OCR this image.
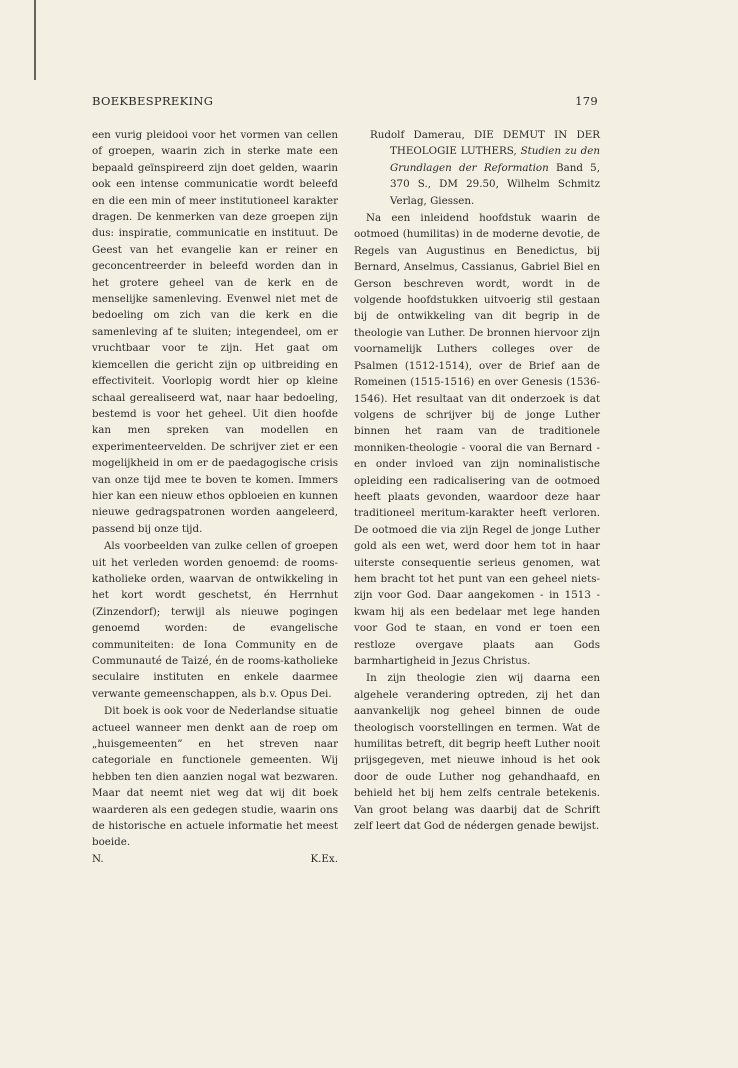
BOEKBESPREKING	179

een vurig pleidooi voor het vormen van cellen of groepen, waarin zich in sterke mate een bepaald geïnspireerd zijn doet gelden, waarin ook een intense communicatie wordt beleefd en die een min of meer institutioneel karakter dragen. De kenmerken van deze groepen zijn dus: inspiratie, communicatie en instituut. De Geest van het evangelie kan er reiner en geconcentreerder in beleefd worden dan in het grotere geheel van de kerk en de menselijke samenleving. Evenwel niet met de bedoeling om zich van die kerk en die samenleving af te sluiten; integendeel, om er vruchtbaar voor te zijn. Het gaat om kiemcellen die gericht zijn op uitbreiding en effectiviteit. Voorlopig wordt hier op kleine schaal gerealiseerd wat, naar haar bedoeling, bestemd is voor het geheel. Uit dien hoofde kan men spreken van modellen en experimenteervelden. De schrijver ziet er een mogelijkheid in om er de paedagogische crisis van onze tijd mee te boven te komen. Immers hier kan een nieuw ethos opbloeien en kunnen nieuwe gedragspatronen worden aangeleerd, passend bij onze tijd.

Als voorbeelden van zulke cellen of groepen uit het verleden worden genoemd: de rooms-katholieke orden, waarvan de ontwikkeling in het kort wordt geschetst, én Herrnhut (Zinzendorf); terwijl als nieuwe pogingen genoemd worden: de evangelische communiteiten: de Iona Community en de Communauté de Taizé, én de rooms-katholieke seculaire instituten en enkele daarmee verwante gemeenschappen, als b.v. Opus Dei.

Dit boek is ook voor de Nederlandse situatie actueel wanneer men denkt aan de roep om „huisgemeenten” en het streven naar categoriale en functionele gemeenten. Wij hebben ten dien aanzien nogal wat bezwaren. Maar dat neemt niet weg dat wij dit boek waarderen als een gedegen studie, waarin ons de historische en actuele informatie het meest boeide.

N.	K.Ex.

Rudolf Damerau, DIE DEMUT IN DER THEOLOGIE LUTHERS, Studien zu den Grundlagen der Reformation Band 5, 370 S., DM 29.50, Wilhelm Schmitz Verlag, Giessen.

Na een inleidend hoofdstuk waarin de ootmoed (humilitas) in de moderne devotie, de Regels van Augustinus en Benedictus, bij Bernard, Anselmus, Cassianus, Gabriel Biel en Gerson beschreven wordt, wordt in de volgende hoofdstukken uitvoerig stil gestaan bij de ontwikkeling van dit begrip in de theologie van Luther. De bronnen hiervoor zijn voornamelijk Luthers colleges over de Psalmen (1512-1514), over de Brief aan de Romeinen (1515-1516) en over Genesis (1536-1546). Het resultaat van dit onderzoek is dat volgens de schrijver bij de jonge Luther binnen het raam van de traditionele monniken-theologie - vooral die van Bernard - en onder invloed van zijn nominalistische opleiding een radicalisering van de ootmoed heeft plaats gevonden, waardoor deze haar traditioneel meritum-karakter heeft verloren. De ootmoed die via zijn Regel de jonge Luther gold als een wet, werd door hem tot in haar uiterste consequentie serieus genomen, wat hem bracht tot het punt van een geheel niets-zijn voor God. Daar aangekomen - in 1513 - kwam hij als een bedelaar met lege handen voor God te staan, en vond er toen een restloze overgave plaats aan Gods barmhartigheid in Jezus Christus.

In zijn theologie zien wij daarna een algehele verandering optreden, zij het dan aanvankelijk nog geheel binnen de oude theologisch voorstellingen en termen. Wat de humilitas betreft, dit begrip heeft Luther nooit prijsgegeven, met nieuwe inhoud is het ook door de oude Luther nog gehandhaafd, en behield het bij hem zelfs centrale betekenis. Van groot belang was daarbij dat de Schrift zelf leert dat God de nédergen genade bewijst.
